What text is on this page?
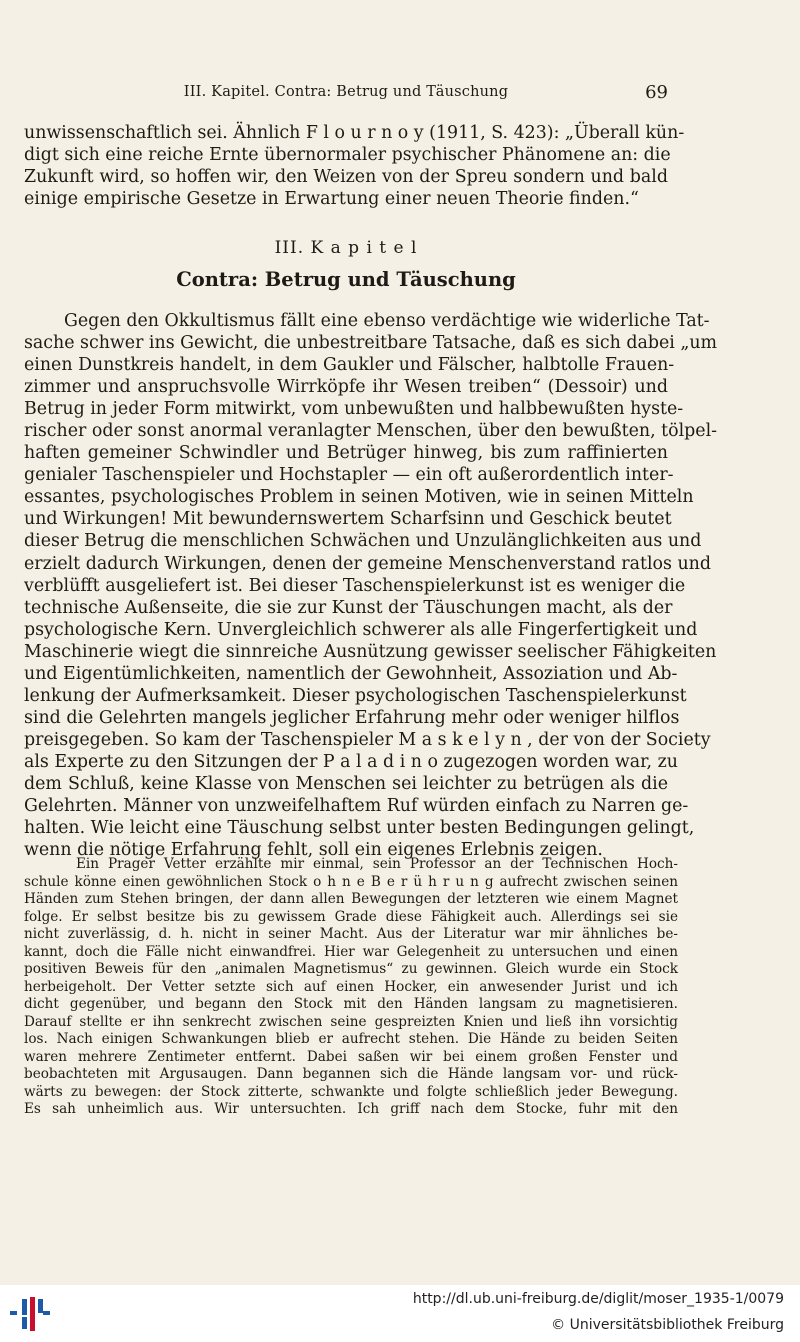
III. Kapitel. Contra: Betrug und Täuschung	69
unwissenschaftlich sei. Ähnlich F l o u r n o y (1911, S. 423): „Überall kün-
digt sich eine reiche Ernte übernormaler psychischer Phänomene an: die
Zukunft wird, so hoffen wir, den Weizen von der Spreu sondern und bald
einige empirische Gesetze in Erwartung einer neuen Theorie finden.“
III. K a p i t e l
Contra: Betrug und Täuschung
Gegen den Okkultismus fällt eine ebenso verdächtige wie widerliche Tat-
sache schwer ins Gewicht, die unbestreitbare Tatsache, daß es sich dabei „um
einen Dunstkreis handelt, in dem Gaukler und Fälscher, halbtolle Frauen-
zimmer und anspruchsvolle Wirrköpfe ihr Wesen treiben“ (Dessoir) und
Betrug in jeder Form mitwirkt, vom unbewußten und halbbewußten hyste-
rischer oder sonst anormal veranlagter Menschen, über den bewußten, tölpel-
haften gemeiner Schwindler und Betrüger hinweg, bis zum raffinierten
genialer Taschenspieler und Hochstapler — ein oft außerordentlich inter-
essantes, psychologisches Problem in seinen Motiven, wie in seinen Mitteln
und Wirkungen! Mit bewundernswertem Scharfsinn und Geschick beutet
dieser Betrug die menschlichen Schwächen und Unzulänglichkeiten aus und
erzielt dadurch Wirkungen, denen der gemeine Menschenverstand ratlos und
verblüfft ausgeliefert ist. Bei dieser Taschenspielerkunst ist es weniger die
technische Außenseite, die sie zur Kunst der Täuschungen macht, als der
psychologische Kern. Unvergleichlich schwerer als alle Fingerfertigkeit und
Maschinerie wiegt die sinnreiche Ausnützung gewisser seelischer Fähigkeiten
und Eigentümlichkeiten, namentlich der Gewohnheit, Assoziation und Ab-
lenkung der Aufmerksamkeit. Dieser psychologischen Taschenspielerkunst
sind die Gelehrten mangels jeglicher Erfahrung mehr oder weniger hilflos
preisgegeben. So kam der Taschenspieler M a s k e l y n , der von der Society
als Experte zu den Sitzungen der P a l a d i n o zugezogen worden war, zu
dem Schluß, keine Klasse von Menschen sei leichter zu betrügen als die
Gelehrten. Männer von unzweifelhaftem Ruf würden einfach zu Narren ge-
halten. Wie leicht eine Täuschung selbst unter besten Bedingungen gelingt,
wenn die nötige Erfahrung fehlt, soll ein eigenes Erlebnis zeigen.
Ein Prager Vetter erzählte mir einmal, sein Professor an der Technischen Hoch-
schule könne einen gewöhnlichen Stock o h n e B e r ü h r u n g aufrecht zwischen seinen
Händen zum Stehen bringen, der dann allen Bewegungen der letzteren wie einem Magnet
folge. Er selbst besitze bis zu gewissem Grade diese Fähigkeit auch. Allerdings sei sie
nicht zuverlässig, d. h. nicht in seiner Macht. Aus der Literatur war mir ähnliches be-
kannt, doch die Fälle nicht einwandfrei. Hier war Gelegenheit zu untersuchen und einen
positiven Beweis für den „animalen Magnetismus“ zu gewinnen. Gleich wurde ein Stock
herbeigeholt. Der Vetter setzte sich auf einen Hocker, ein anwesender Jurist und ich
dicht gegenüber, und begann den Stock mit den Händen langsam zu magnetisieren.
Darauf stellte er ihn senkrecht zwischen seine gespreizten Knien und ließ ihn vorsichtig
los. Nach einigen Schwankungen blieb er aufrecht stehen. Die Hände zu beiden Seiten
waren mehrere Zentimeter entfernt. Dabei saßen wir bei einem großen Fenster und
beobachteten mit Argusaugen. Dann begannen sich die Hände langsam vor- und rück-
wärts zu bewegen: der Stock zitterte, schwankte und folgte schließlich jeder Bewegung.
Es sah unheimlich aus. Wir untersuchten. Ich griff nach dem Stocke, fuhr mit den
http://dl.ub.uni-freiburg.de/diglit/moser_1935-1/0079
© Universitätsbibliothek Freiburg
